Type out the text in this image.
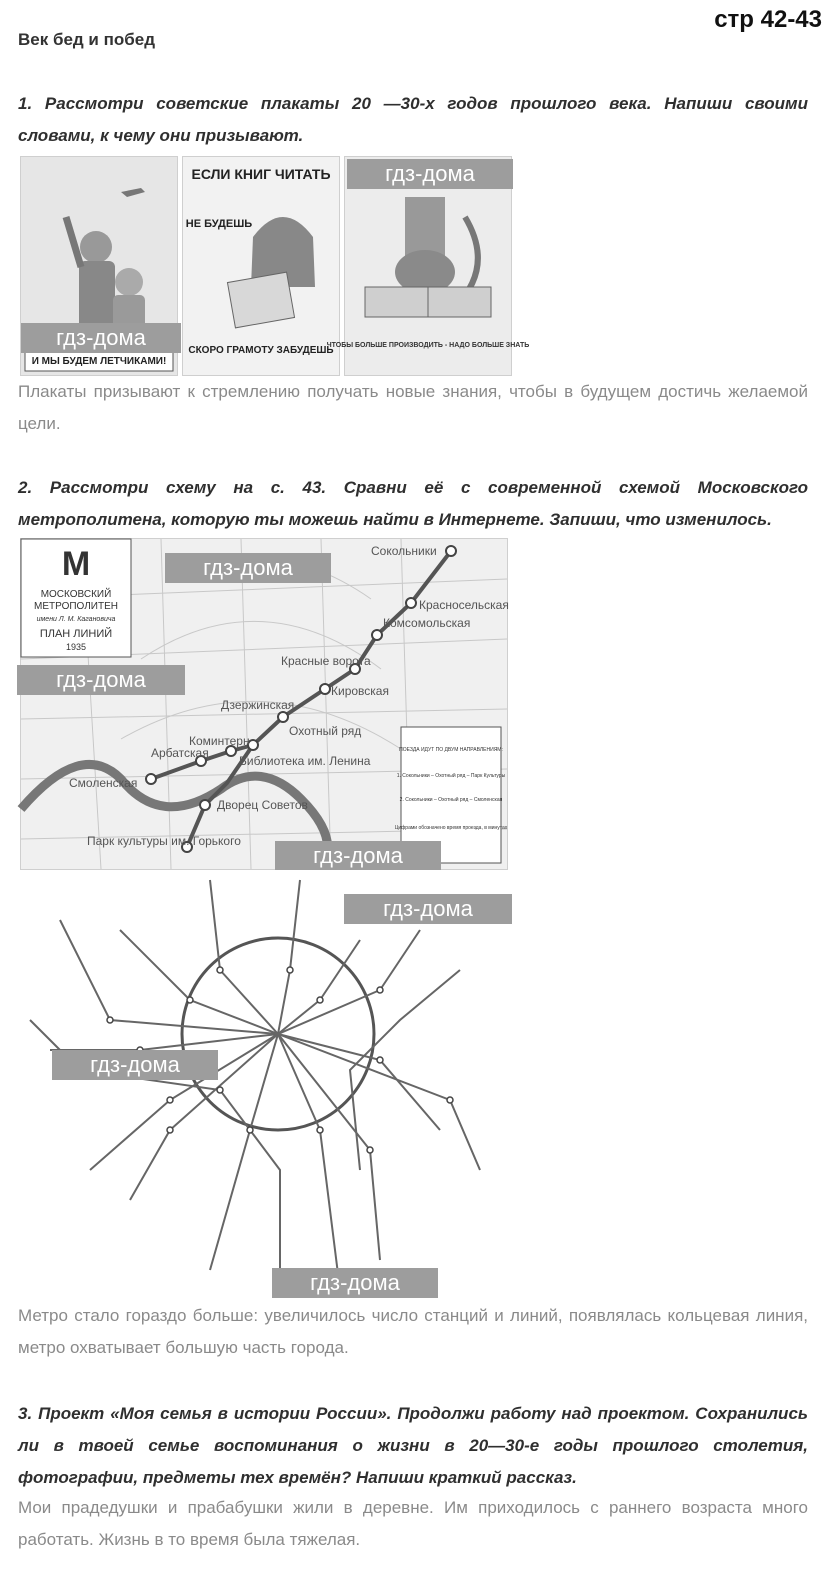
стр 42-43
Век бед и побед
1. Рассмотри советские плакаты 20 —30-х годов прошлого века. Напиши своими словами, к чему они призывают.
И МЫ БУДЕМ ЛЕТЧИКАМИ!
гдз-дома
ЕСЛИ КНИГ ЧИТАТЬ
НЕ БУДЕШЬ
СКОРО ГРАМОТУ ЗАБУДЕШЬ
ЧТОБЫ БОЛЬШЕ ПРОИЗВОДИТЬ - НАДО БОЛЬШЕ ЗНАТЬ
гдз-дома
Плакаты призывают к стремлению получать новые знания, чтобы в будущем достичь желаемой цели.
2. Рассмотри схему на с. 43. Сравни её с современной схемой Московского метрополитена, которую ты можешь найти в Интернете. Запиши, что изменилось.
Сокольники
Красносельская
Комсомольская
Красные ворота
Кировская
Дзержинская
Охотный ряд
Коминтерн
Арбатская
Библиотека им. Ленина
Смоленская
Дворец Советов
Парк культуры им. Горького
М
МОСКОВСКИЙ
МЕТРОПОЛИТЕН
имени Л. М. Кагановича
ПЛАН ЛИНИЙ
1935
ПОЕЗДА ИДУТ ПО ДВУМ НАПРАВЛЕНИЯМ:
1. Сокольники – Охотный ряд – Парк Культуры
2. Сокольники – Охотный ряд – Смоленская
Цифрами обозначено время проезда, в минутах
гдз-дома
гдз-дома
гдз-дома
гдз-дома
гдз-дома
гдз-дома
Метро стало гораздо больше: увеличилось число станций и линий, появлялась кольцевая линия, метро охватывает большую часть города.
3. Проект «Моя семья в истории России». Продолжи работу над проектом. Сохранились ли в твоей семье воспоминания о жизни в 20—30-е годы прошлого столетия, фотографии, предметы тех времён? Напиши краткий рассказ.
Мои прадедушки и прабабушки жили в деревне. Им приходилось с раннего возраста много работать. Жизнь в то время была тяжелая.
